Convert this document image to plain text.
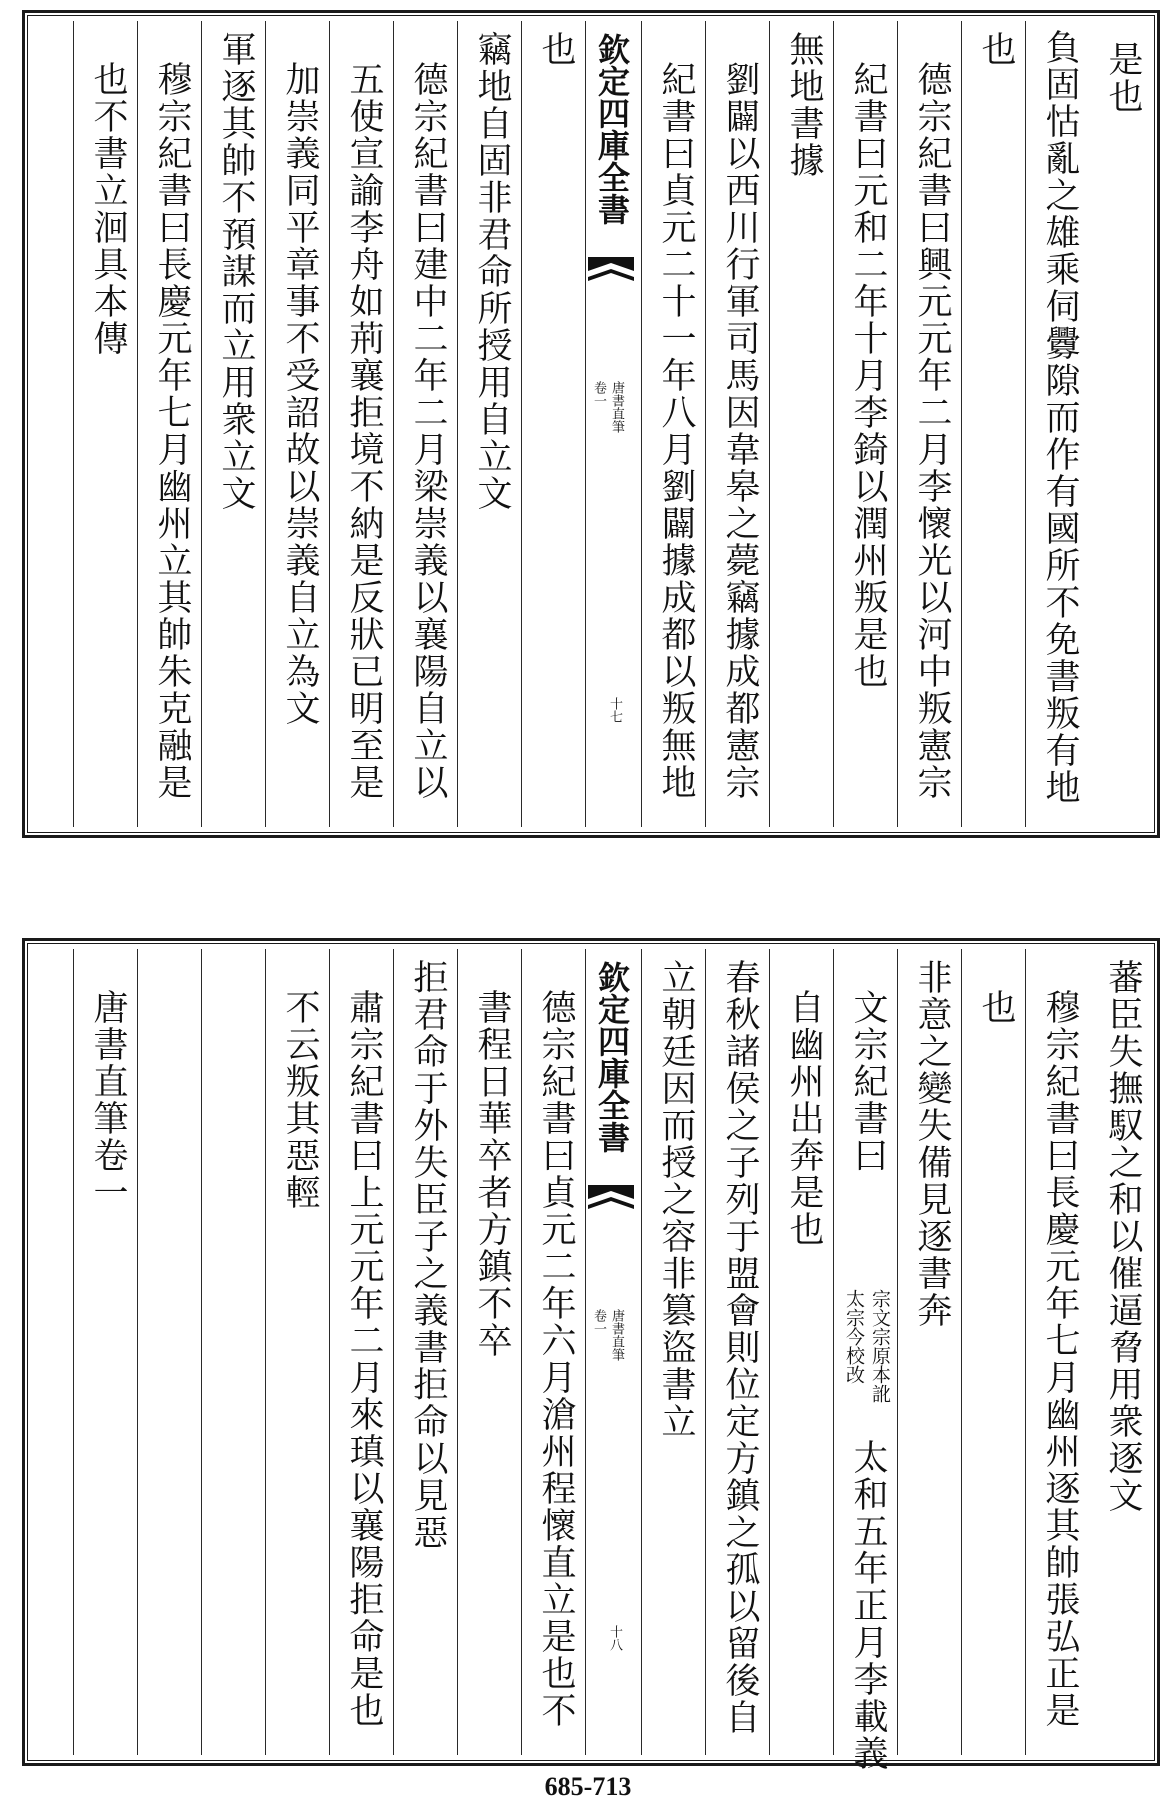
是也
負固怙亂之雄乘伺釁隙而作有國所不免書叛有地
也
德宗紀書曰興元元年二月李懷光以河中叛憲宗
紀書曰元和二年十月李錡以潤州叛是也
無地書據
劉闢以西川行軍司馬因韋皋之薨竊據成都憲宗
紀書曰貞元二十一年八月劉闢據成都以叛無地
欽定四庫全書
唐書直筆
卷一
十七
也
竊地自固非君命所授用自立文
德宗紀書曰建中二年二月梁崇義以襄陽自立以
五使宣諭李舟如荊襄拒境不納是反狀已明至是
加崇義同平章事不受詔故以崇義自立為文
軍逐其帥不預謀而立用衆立文
穆宗紀書曰長慶元年七月幽州立其帥朱克融是
也不書立洄具本傳
蕃臣失撫馭之和以催逼脅用衆逐文
穆宗紀書曰長慶元年七月幽州逐其帥張弘正是
也
非意之變失備見逐書奔
文宗紀書曰
宗文宗原本訛
太宗今校改
太和五年正月李載義
自幽州出奔是也
春秋諸侯之子列于盟會則位定方鎮之孤以留後自
立朝廷因而授之容非篡盜書立
欽定四庫全書
唐書直筆
卷一
十八
德宗紀書曰貞元二年六月滄州程懷直立是也不
書程日華卒者方鎮不卒
拒君命于外失臣子之義書拒命以見惡
肅宗紀書曰上元元年二月來瑱以襄陽拒命是也
不云叛其惡輕
唐書直筆卷一
685-713
